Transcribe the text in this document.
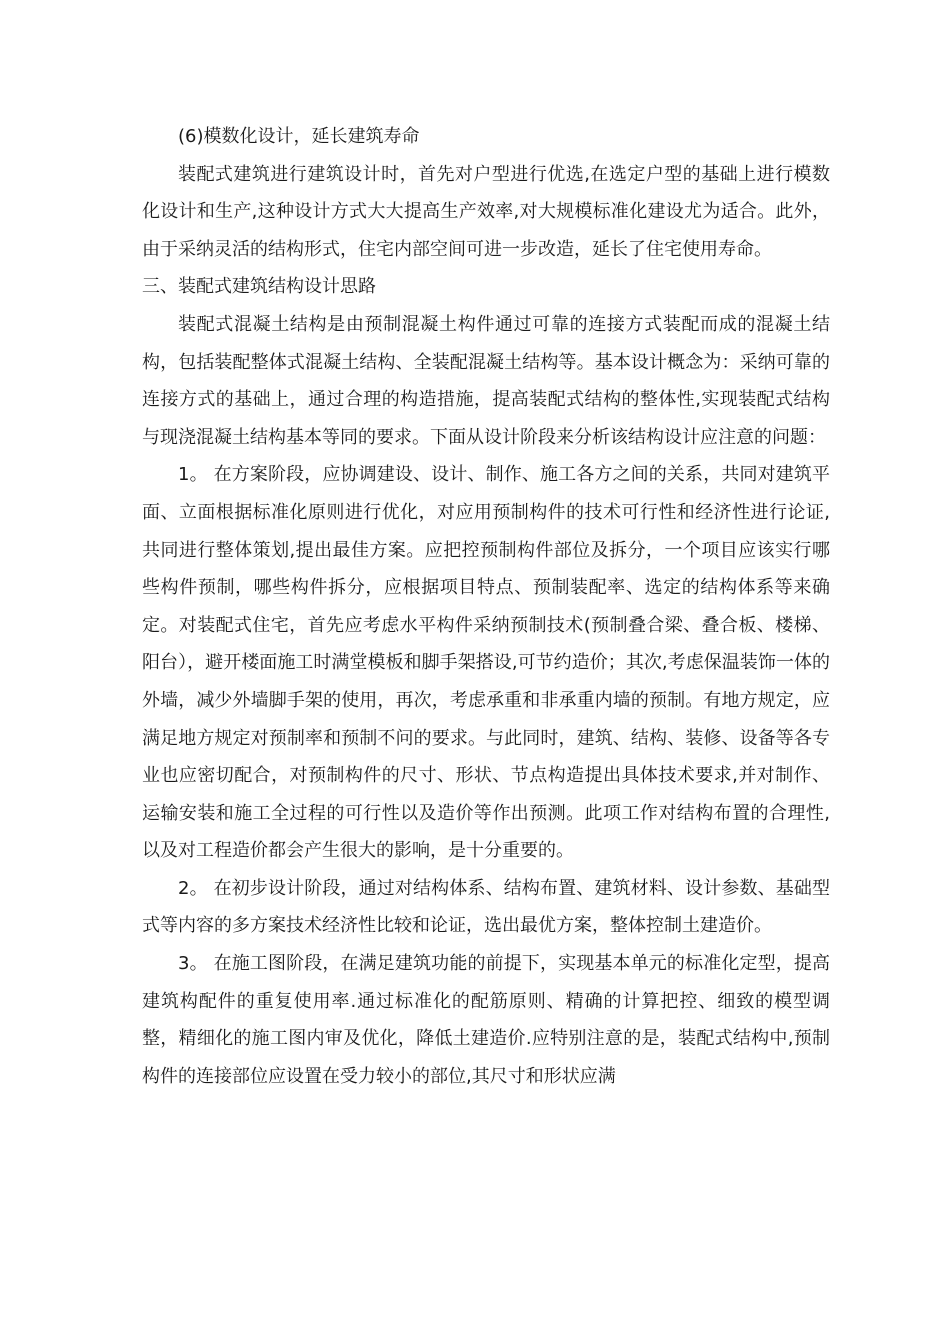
(6)模数化设计，延长建筑寿命

装配式建筑进行建筑设计时，首先对户型进行优选,在选定户型的基础上进行模数化设计和生产,这种设计方式大大提高生产效率,对大规模标准化建设尤为适合。此外，由于采纳灵活的结构形式，住宅内部空间可进一步改造，延长了住宅使用寿命。

三、装配式建筑结构设计思路

装配式混凝土结构是由预制混凝土构件通过可靠的连接方式装配而成的混凝土结构，包括装配整体式混凝土结构、全装配混凝土结构等。基本设计概念为：采纳可靠的连接方式的基础上，通过合理的构造措施，提高装配式结构的整体性,实现装配式结构与现浇混凝土结构基本等同的要求。下面从设计阶段来分析该结构设计应注意的问题：

1。 在方案阶段，应协调建设、设计、制作、施工各方之间的关系，共同对建筑平面、立面根据标准化原则进行优化，对应用预制构件的技术可行性和经济性进行论证,共同进行整体策划,提出最佳方案。应把控预制构件部位及拆分，一个项目应该实行哪些构件预制，哪些构件拆分，应根据项目特点、预制装配率、选定的结构体系等来确定。对装配式住宅，首先应考虑水平构件采纳预制技术(预制叠合梁、叠合板、楼梯、阳台），避开楼面施工时满堂模板和脚手架搭设,可节约造价；其次,考虑保温装饰一体的外墙，减少外墙脚手架的使用，再次，考虑承重和非承重内墙的预制。有地方规定，应满足地方规定对预制率和预制不问的要求。与此同时，建筑、结构、装修、设备等各专业也应密切配合，对预制构件的尺寸、形状、节点构造提出具体技术要求,并对制作、运输安装和施工全过程的可行性以及造价等作出预测。此项工作对结构布置的合理性,以及对工程造价都会产生很大的影响，是十分重要的。

2。 在初步设计阶段，通过对结构体系、结构布置、建筑材料、设计参数、基础型式等内容的多方案技术经济性比较和论证，选出最优方案，整体控制土建造价。

3。 在施工图阶段，在满足建筑功能的前提下，实现基本单元的标准化定型，提高建筑构配件的重复使用率.通过标准化的配筋原则、精确的计算把控、细致的模型调整，精细化的施工图内审及优化，降低土建造价.应特别注意的是，装配式结构中,预制构件的连接部位应设置在受力较小的部位,其尺寸和形状应满
